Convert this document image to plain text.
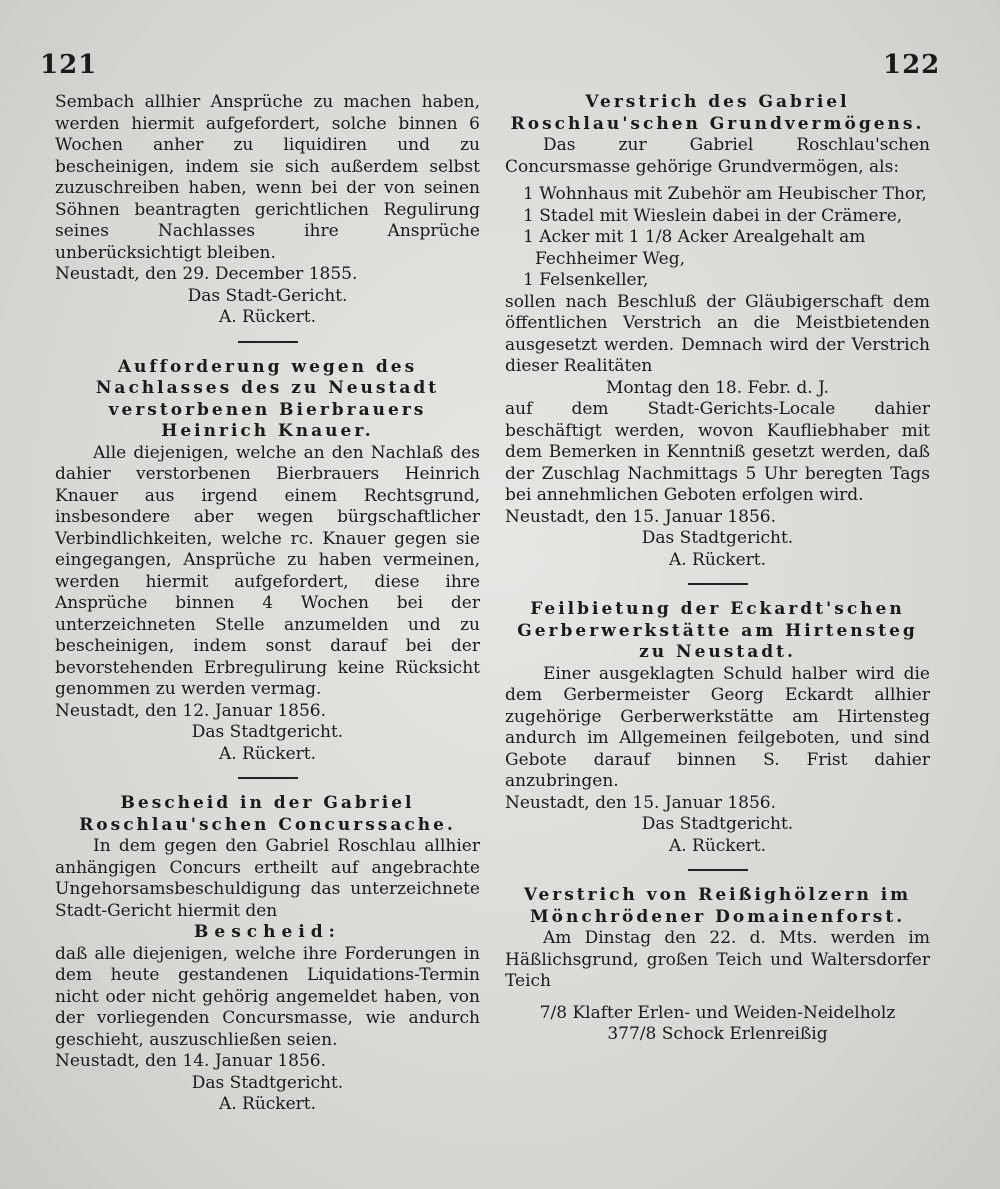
121	122

Sembach allhier Ansprüche zu machen haben, werden hiermit aufgefordert, solche binnen 6 Wochen anher zu liquidiren und zu bescheinigen, indem sie sich außerdem selbst zuzuschreiben haben, wenn bei der von seinen Söhnen beantragten gerichtlichen Regulirung seines Nachlasses ihre Ansprüche unberücksichtigt bleiben.

Neustadt, den 29. December 1855.

Das Stadt-Gericht.

A. Rückert.

Aufforderung wegen des Nachlasses des zu Neustadt verstorbenen Bierbrauers Heinrich Knauer.

Alle diejenigen, welche an den Nachlaß des dahier verstorbenen Bierbrauers Heinrich Knauer aus irgend einem Rechtsgrund, insbesondere aber wegen bürgschaftlicher Verbindlichkeiten, welche rc. Knauer gegen sie eingegangen, Ansprüche zu haben vermeinen, werden hiermit aufgefordert, diese ihre Ansprüche binnen 4 Wochen bei der unterzeichneten Stelle anzumelden und zu bescheinigen, indem sonst darauf bei der bevorstehenden Erbregulirung keine Rücksicht genommen zu werden vermag.

Neustadt, den 12. Januar 1856.

Das Stadtgericht.

A. Rückert.

Bescheid in der Gabriel Roschlau'schen Concurssache.

In dem gegen den Gabriel Roschlau allhier anhängigen Concurs ertheilt auf angebrachte Ungehorsamsbeschuldigung das unterzeichnete Stadt-Gericht hiermit den

Bescheid:

daß alle diejenigen, welche ihre Forderungen in dem heute gestandenen Liquidations-Termin nicht oder nicht gehörig angemeldet haben, von der vorliegenden Concursmasse, wie andurch geschieht, auszuschließen seien.

Neustadt, den 14. Januar 1856.

Das Stadtgericht.

A. Rückert.

Verstrich des Gabriel Roschlau'schen Grundvermögens.

Das zur Gabriel Roschlau'schen Concursmasse gehörige Grundvermögen, als:

1 Wohnhaus mit Zubehör am Heubischer Thor,
1 Stadel mit Wieslein dabei in der Crämere,
1 Acker mit 1 1/8 Acker Arealgehalt am Fechheimer Weg,
1 Felsenkeller,

sollen nach Beschluß der Gläubigerschaft dem öffentlichen Verstrich an die Meistbietenden ausgesetzt werden. Demnach wird der Verstrich dieser Realitäten

Montag den 18. Febr. d. J.

auf dem Stadt-Gerichts-Locale dahier beschäftigt werden, wovon Kaufliebhaber mit dem Bemerken in Kenntniß gesetzt werden, daß der Zuschlag Nachmittags 5 Uhr beregten Tags bei annehmlichen Geboten erfolgen wird.

Neustadt, den 15. Januar 1856.

Das Stadtgericht.

A. Rückert.

Feilbietung der Eckardt'schen Gerberwerkstätte am Hirtensteg zu Neustadt.

Einer ausgeklagten Schuld halber wird die dem Gerbermeister Georg Eckardt allhier zugehörige Gerberwerkstätte am Hirtensteg andurch im Allgemeinen feilgeboten, und sind Gebote darauf binnen S. Frist dahier anzubringen.

Neustadt, den 15. Januar 1856.

Das Stadtgericht.

A. Rückert.

Verstrich von Reißighölzern im Mönchrödener Domainenforst.

Am Dinstag den 22. d. Mts. werden im Häßlichsgrund, großen Teich und Waltersdorfer Teich

7/8 Klafter Erlen- und Weiden-Neidelholz
377/8 Schock Erlenreißig
